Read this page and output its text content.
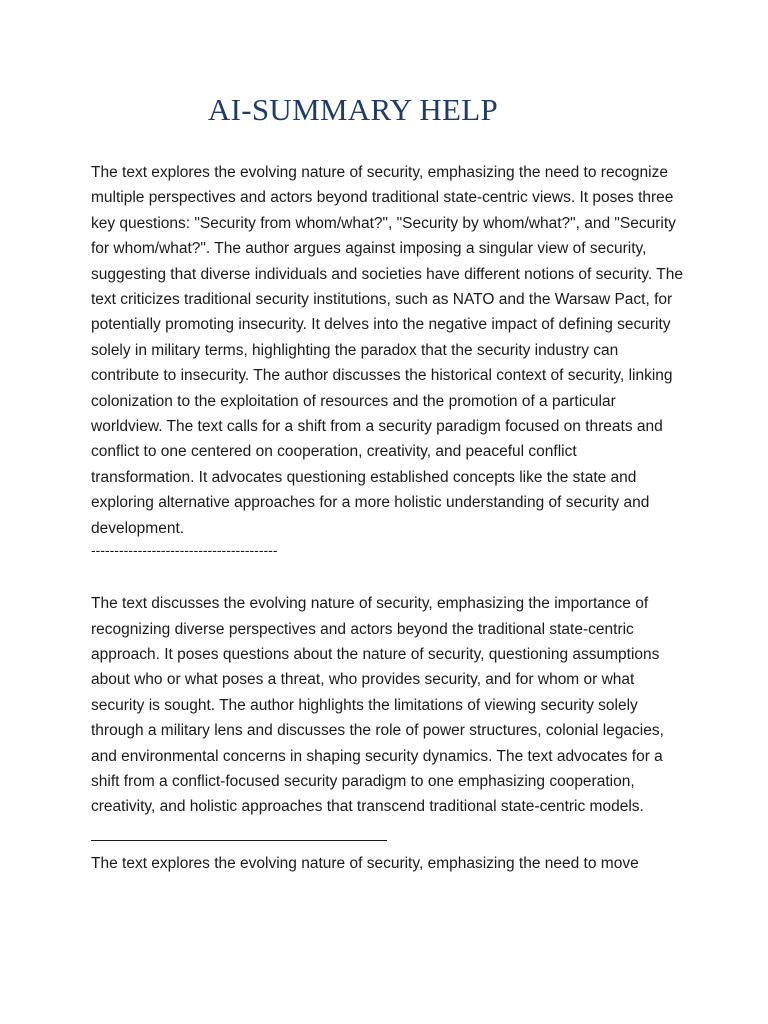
AI-SUMMARY HELP

The text explores the evolving nature of security, emphasizing the need to recognize multiple perspectives and actors beyond traditional state-centric views. It poses three key questions: "Security from whom/what?", "Security by whom/what?", and "Security for whom/what?". The author argues against imposing a singular view of security, suggesting that diverse individuals and societies have different notions of security. The text criticizes traditional security institutions, such as NATO and the Warsaw Pact, for potentially promoting insecurity. It delves into the negative impact of defining security solely in military terms, highlighting the paradox that the security industry can contribute to insecurity. The author discusses the historical context of security, linking colonization to the exploitation of resources and the promotion of a particular worldview. The text calls for a shift from a security paradigm focused on threats and conflict to one centered on cooperation, creativity, and peaceful conflict transformation. It advocates questioning established concepts like the state and exploring alternative approaches for a more holistic understanding of security and development.

----------------------------------------

The text discusses the evolving nature of security, emphasizing the importance of recognizing diverse perspectives and actors beyond the traditional state-centric approach. It poses questions about the nature of security, questioning assumptions about who or what poses a threat, who provides security, and for whom or what security is sought. The author highlights the limitations of viewing security solely through a military lens and discusses the role of power structures, colonial legacies, and environmental concerns in shaping security dynamics. The text advocates for a shift from a conflict-focused security paradigm to one emphasizing cooperation, creativity, and holistic approaches that transcend traditional state-centric models.

The text explores the evolving nature of security, emphasizing the need to move
